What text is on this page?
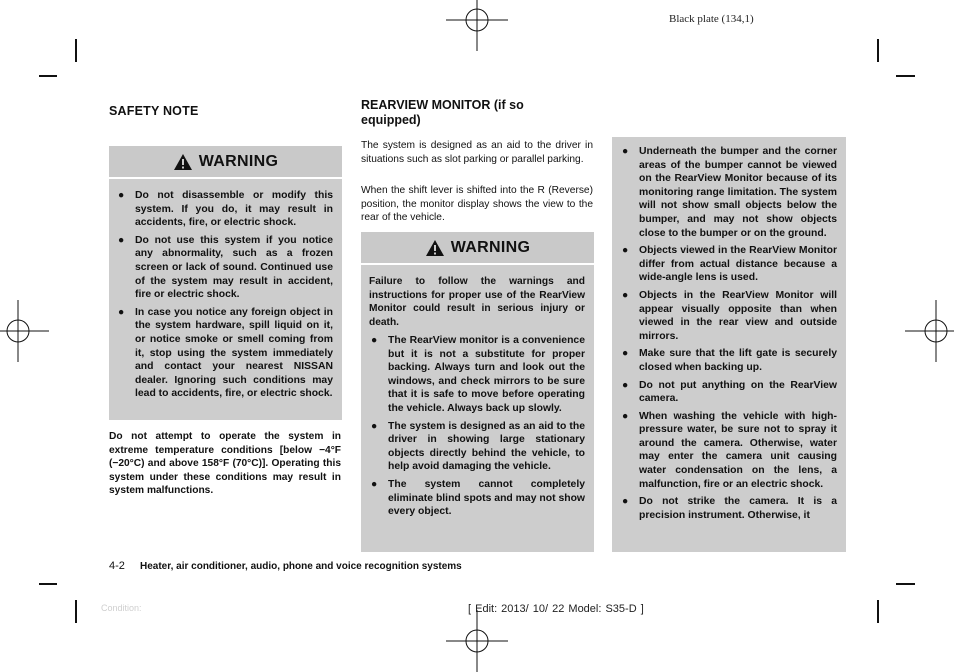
Black plate (134,1)
SAFETY NOTE
WARNING
● Do not disassemble or modify this system. If you do, it may result in accidents, fire, or electric shock.
● Do not use this system if you notice any abnormality, such as a frozen screen or lack of sound. Continued use of the system may result in accident, fire or electric shock.
● In case you notice any foreign object in the system hardware, spill liquid on it, or notice smoke or smell coming from it, stop using the system immediately and contact your nearest NISSAN dealer. Ignoring such conditions may lead to accidents, fire, or electric shock.
Do not attempt to operate the system in extreme temperature conditions [below −4°F (−20°C) and above 158°F (70°C)]. Operating this system under these conditions may result in system malfunctions.
REARVIEW MONITOR (if so equipped)
The system is designed as an aid to the driver in situations such as slot parking or parallel parking.
When the shift lever is shifted into the R (Reverse) position, the monitor display shows the view to the rear of the vehicle.
WARNING
Failure to follow the warnings and instructions for proper use of the RearView Monitor could result in serious injury or death.
● The RearView monitor is a convenience but it is not a substitute for proper backing. Always turn and look out the windows, and check mirrors to be sure that it is safe to move before operating the vehicle. Always back up slowly.
● The system is designed as an aid to the driver in showing large stationary objects directly behind the vehicle, to help avoid damaging the vehicle.
● The system cannot completely eliminate blind spots and may not show every object.
● Underneath the bumper and the corner areas of the bumper cannot be viewed on the RearView Monitor because of its monitoring range limitation. The system will not show small objects below the bumper, and may not show objects close to the bumper or on the ground.
● Objects viewed in the RearView Monitor differ from actual distance because a wide-angle lens is used.
● Objects in the RearView Monitor will appear visually opposite than when viewed in the rear view and outside mirrors.
● Make sure that the lift gate is securely closed when backing up.
● Do not put anything on the RearView camera.
● When washing the vehicle with high-pressure water, be sure not to spray it around the camera. Otherwise, water may enter the camera unit causing water condensation on the lens, a malfunction, fire or an electric shock.
● Do not strike the camera. It is a precision instrument. Otherwise, it
4-2 Heater, air conditioner, audio, phone and voice recognition systems
Condition:	[ Edit: 2013/ 10/ 22 Model: S35-D ]
